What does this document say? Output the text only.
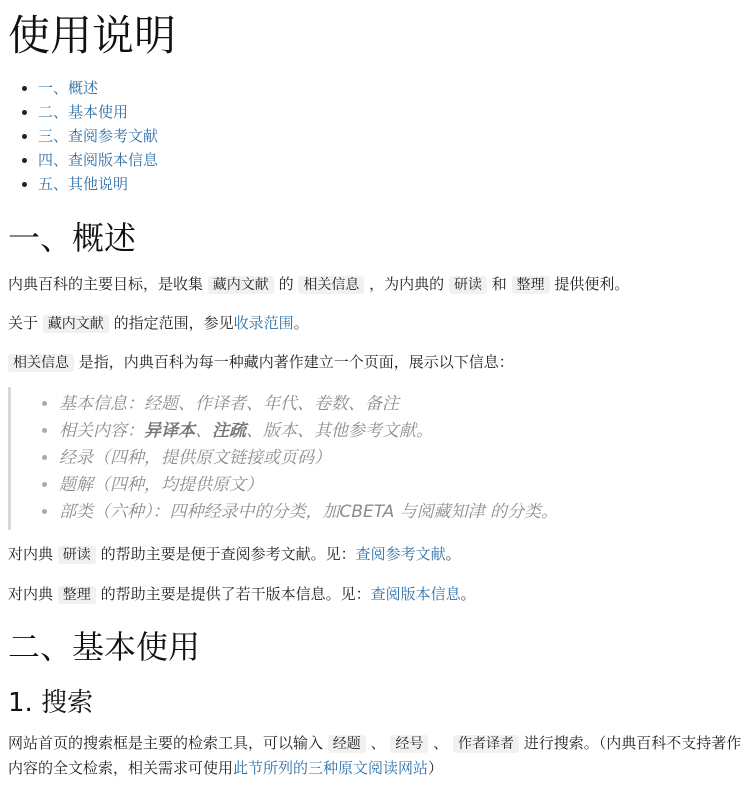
使用说明
• 一、概述
• 二、基本使用
• 三、查阅参考文献
• 四、查阅版本信息
• 五、其他说明
一、概述

内典百科的主要目标，是收集 藏内文献 的 相关信息 ，为内典的 研读 和 整理 提供便利。

关于 藏内文献 的指定范围，参见收录范围。

相关信息 是指，内典百科为每一种藏内著作建立一个页面，展示以下信息：

• 基本信息：经题、作译者、年代、卷数、备注
• 相关内容：异译本、注疏、版本、其他参考文献。
• 经录（四种，提供原文链接或页码）
• 题解（四种，均提供原文）
• 部类（六种）：四种经录中的分类，加CBETA 与阅藏知津 的分类。

对内典 研读 的帮助主要是便于查阅参考文献。见：查阅参考文献。

对内典 整理 的帮助主要是提供了若干版本信息。见：查阅版本信息。

二、基本使用
1. 搜索

网站首页的搜索框是主要的检索工具，可以输入 经题 、 经号 、 作者译者 进行搜索。（内典百科不支持著作内容的全文检索，相关需求可使用此节所列的三种原文阅读网站）
